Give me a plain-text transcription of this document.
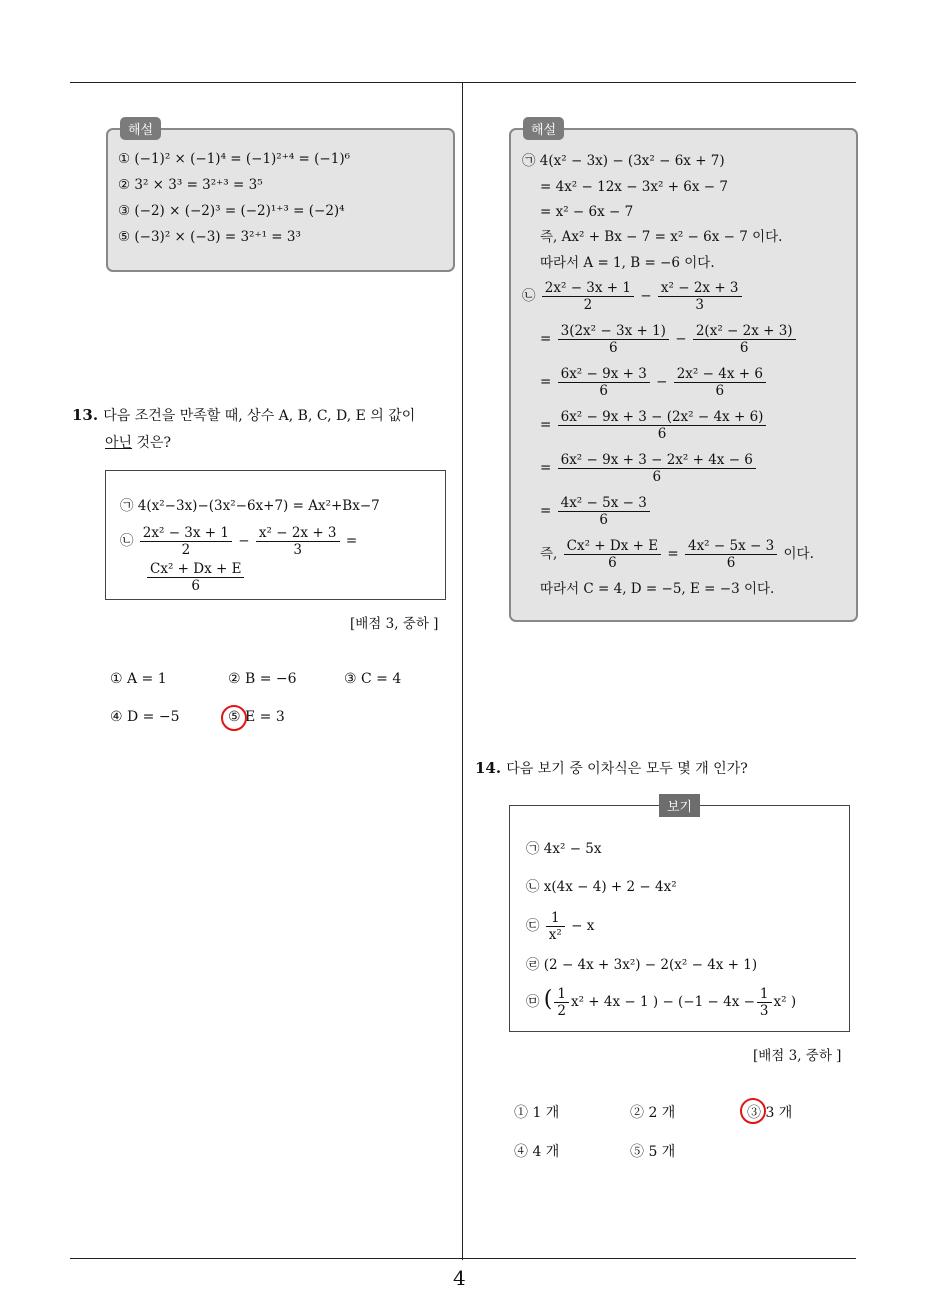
해설
① (−1)² × (−1)⁴ = (−1)²⁺⁴ = (−1)⁶
② 3² × 3³ = 3²⁺³ = 3⁵
③ (−2) × (−2)³ = (−2)¹⁺³ = (−2)⁴
⑤ (−3)² × (−3) = 3²⁺¹ = 3³
13. 다음 조건을 만족할 때, 상수 A, B, C, D, E 의 값이
아닌 것은?
㉠ 4(x²−3x)−(3x²−6x+7) = Ax²+Bx−7
㉡ $\frac{\text{2x² − 3x + 1}}{2} - \frac{\text{x² − 2x + 3}}{3}$ =
$\frac{\text{Cx² + Dx + E}}{6}$
[배점 3, 중하 ]
① A = 1	② B = −6	③ C = 4
④ D = −5	⑤ E = 3
해설
㉠ 4(x² − 3x) − (3x² − 6x + 7)
= 4x² − 12x − 3x² + 6x − 7
= x² − 6x − 7
즉, Ax² + Bx − 7 = x² − 6x − 7 이다.
따라서 A = 1, B = −6 이다.
㉡ $\frac{\text{2x² − 3x + 1}}{2} - \frac{\text{x² − 2x + 3}}{3}$
= $\frac{\text{3(2x² − 3x + 1)}}{6} - \frac{\text{2(x² − 2x + 3)}}{6}$
= $\frac{\text{6x² − 9x + 3}}{6} - \frac{\text{2x² − 4x + 6}}{6}$
= $\frac{\text{6x² − 9x + 3 − (2x² − 4x + 6)}}{6}$
= $\frac{\text{6x² − 9x + 3 − 2x² + 4x − 6}}{6}$
= $\frac{\text{4x² − 5x − 3}}{6}$
즉, $\frac{\text{Cx² + Dx + E}}{6} = \frac{\text{4x² − 5x − 3}}{6}$ 이다.
따라서 C = 4, D = −5, E = −3 이다.
14. 다음 보기 중 이차식은 모두 몇 개 인가?
보기
㉠ 4x² − 5x
㉡ x(4x − 4) + 2 − 4x²
㉢ $\frac{1}{\text{x²}} - x$
㉣ (2 − 4x + 3x²) − 2(x² − 4x + 1)
㉤ ( $\frac{1}{2} x^2 + 4x - 1$ ) − ($-1 - 4x - \frac{1}{3} x^2$ )
[배점 3, 중하 ]
① 1 개	② 2 개	③ 3 개
④ 4 개	⑤ 5 개
4
